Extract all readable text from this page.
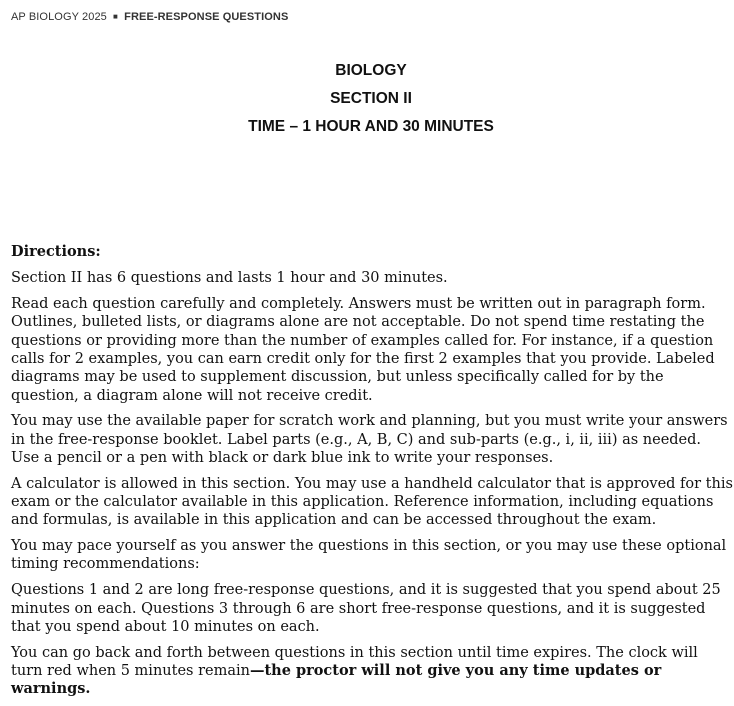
AP BIOLOGY 2025 ■ FREE-RESPONSE QUESTIONS
BIOLOGY
SECTION II
TIME – 1 HOUR AND 30 MINUTES

Directions:

Section II has 6 questions and lasts 1 hour and 30 minutes.

Read each question carefully and completely. Answers must be written out in paragraph form. Outlines, bulleted lists, or diagrams alone are not acceptable. Do not spend time restating the questions or providing more than the number of examples called for. For instance, if a question calls for 2 examples, you can earn credit only for the first 2 examples that you provide. Labeled diagrams may be used to supplement discussion, but unless specifically called for by the question, a diagram alone will not receive credit.

You may use the available paper for scratch work and planning, but you must write your answers in the free-response booklet. Label parts (e.g., A, B, C) and sub-parts (e.g., i, ii, iii) as needed. Use a pencil or a pen with black or dark blue ink to write your responses.

A calculator is allowed in this section. You may use a handheld calculator that is approved for this exam or the calculator available in this application. Reference information, including equations and formulas, is available in this application and can be accessed throughout the exam.

You may pace yourself as you answer the questions in this section, or you may use these optional timing recommendations:

Questions 1 and 2 are long free-response questions, and it is suggested that you spend about 25 minutes on each. Questions 3 through 6 are short free-response questions, and it is suggested that you spend about 10 minutes on each.

You can go back and forth between questions in this section until time expires. The clock will turn red when 5 minutes remain—the proctor will not give you any time updates or warnings.
